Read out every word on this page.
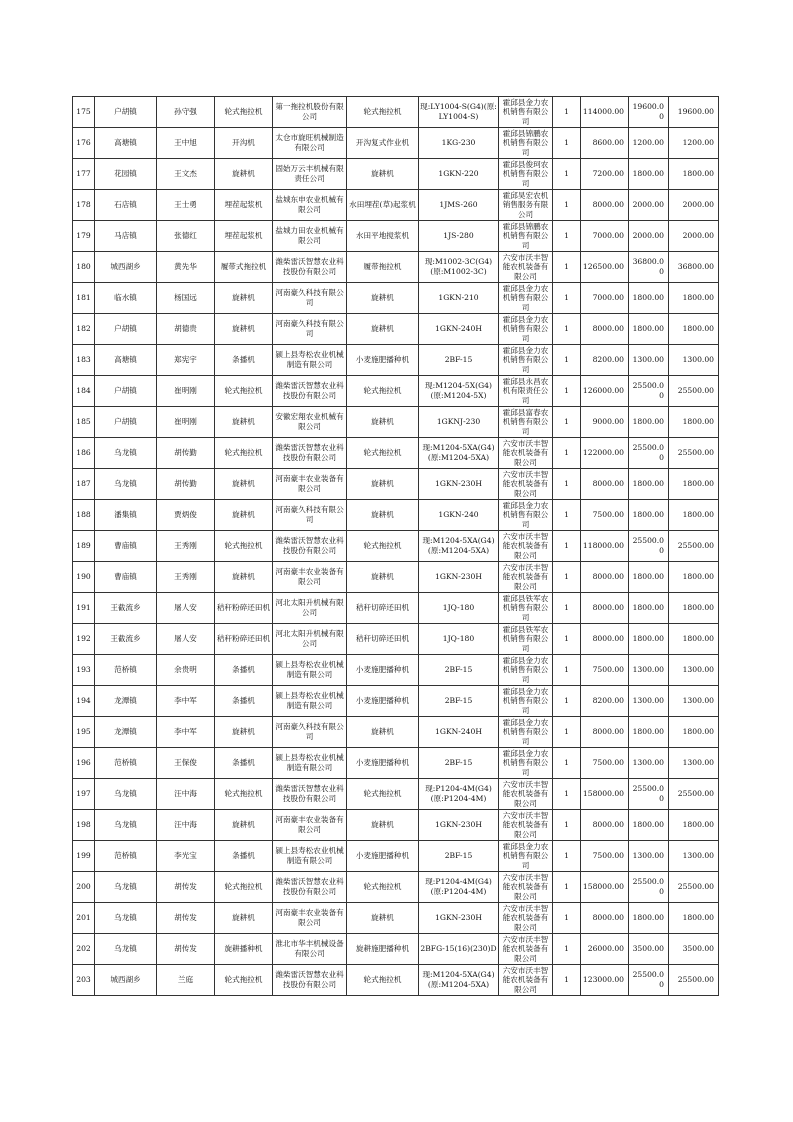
175	户胡镇	孙守强	轮式拖拉机	第一拖拉机股份有限公司	轮式拖拉机	现:LY1004-S(G4)(原:LY1004-S)	霍邱县金力农机销售有限公司	1	114000.00	19600.00	19600.00
176	高塘镇	王中旭	开沟机	太仓市旋旺机械制造有限公司	开沟复式作业机	1KG-230	霍邱县锦鹏农机销售有限公司	1	8600.00	1200.00	1200.00
177	花园镇	王文杰	旋耕机	固始万云丰机械有限责任公司	旋耕机	1GKN-220	霍邱县俊珂农机销售有限公司	1	7200.00	1800.00	1800.00
178	石店镇	王士勇	埋茬起浆机	盐城东申农业机械有限公司	水田埋茬(草)起浆机	1JMS-260	霍邱昊宏农机销售服务有限公司	1	8000.00	2000.00	2000.00
179	马店镇	张德红	埋茬起浆机	盐城力田农业机械有限公司	水田平地搅浆机	1JS-280	霍邱县锦鹏农机销售有限公司	1	7000.00	2000.00	2000.00
180	城西湖乡	黄先华	履带式拖拉机	潍柴雷沃智慧农业科技股份有限公司	履带拖拉机	现:M1002-3C(G4)(原:M1002-3C)	六安市沃丰智能农机装备有限公司	1	126500.00	36800.00	36800.00
181	临水镇	杨国远	旋耕机	河南豪久科技有限公司	旋耕机	1GKN-210	霍邱县金力农机销售有限公司	1	7000.00	1800.00	1800.00
182	户胡镇	胡德贵	旋耕机	河南豪久科技有限公司	旋耕机	1GKN-240H	霍邱县金力农机销售有限公司	1	8000.00	1800.00	1800.00
183	高塘镇	郑宪宇	条播机	颍上县寿松农业机械制造有限公司	小麦施肥播种机	2BF-15	霍邱县金力农机销售有限公司	1	8200.00	1300.00	1300.00
184	户胡镇	崔明刚	轮式拖拉机	潍柴雷沃智慧农业科技股份有限公司	轮式拖拉机	现:M1204-5X(G4)(原:M1204-5X)	霍邱县永昌农机有限责任公司	1	126000.00	25500.00	25500.00
185	户胡镇	崔明刚	旋耕机	安徽宏翔农业机械有限公司	旋耕机	1GKNJ-230	霍邱县富春农机销售有限公司	1	9000.00	1800.00	1800.00
186	乌龙镇	胡传勤	轮式拖拉机	潍柴雷沃智慧农业科技股份有限公司	轮式拖拉机	现:M1204-5XA(G4)(原:M1204-5XA)	六安市沃丰智能农机装备有限公司	1	122000.00	25500.00	25500.00
187	乌龙镇	胡传勤	旋耕机	河南豪丰农业装备有限公司	旋耕机	1GKN-230H	六安市沃丰智能农机装备有限公司	1	8000.00	1800.00	1800.00
188	潘集镇	贾炳俊	旋耕机	河南豪久科技有限公司	旋耕机	1GKN-240	霍邱县金力农机销售有限公司	1	7500.00	1800.00	1800.00
189	曹庙镇	王秀刚	轮式拖拉机	潍柴雷沃智慧农业科技股份有限公司	轮式拖拉机	现:M1204-5XA(G4)(原:M1204-5XA)	六安市沃丰智能农机装备有限公司	1	118000.00	25500.00	25500.00
190	曹庙镇	王秀刚	旋耕机	河南豪丰农业装备有限公司	旋耕机	1GKN-230H	六安市沃丰智能农机装备有限公司	1	8000.00	1800.00	1800.00
191	王截流乡	屠人安	秸秆粉碎还田机	河北太阳升机械有限公司	秸秆切碎还田机	1JQ-180	霍邱县铁军农机销售有限公司	1	8000.00	1800.00	1800.00
192	王截流乡	屠人安	秸秆粉碎还田机	河北太阳升机械有限公司	秸秆切碎还田机	1JQ-180	霍邱县铁军农机销售有限公司	1	8000.00	1800.00	1800.00
193	范桥镇	余贵明	条播机	颍上县寿松农业机械制造有限公司	小麦施肥播种机	2BF-15	霍邱县金力农机销售有限公司	1	7500.00	1300.00	1300.00
194	龙潭镇	李中军	条播机	颍上县寿松农业机械制造有限公司	小麦施肥播种机	2BF-15	霍邱县金力农机销售有限公司	1	8200.00	1300.00	1300.00
195	龙潭镇	李中军	旋耕机	河南豪久科技有限公司	旋耕机	1GKN-240H	霍邱县金力农机销售有限公司	1	8000.00	1800.00	1800.00
196	范桥镇	王保俊	条播机	颍上县寿松农业机械制造有限公司	小麦施肥播种机	2BF-15	霍邱县金力农机销售有限公司	1	7500.00	1300.00	1300.00
197	乌龙镇	汪中海	轮式拖拉机	潍柴雷沃智慧农业科技股份有限公司	轮式拖拉机	现:P1204-4M(G4)(原:P1204-4M)	六安市沃丰智能农机装备有限公司	1	158000.00	25500.00	25500.00
198	乌龙镇	汪中海	旋耕机	河南豪丰农业装备有限公司	旋耕机	1GKN-230H	六安市沃丰智能农机装备有限公司	1	8000.00	1800.00	1800.00
199	范桥镇	李光宝	条播机	颍上县寿松农业机械制造有限公司	小麦施肥播种机	2BF-15	霍邱县金力农机销售有限公司	1	7500.00	1300.00	1300.00
200	乌龙镇	胡传发	轮式拖拉机	潍柴雷沃智慧农业科技股份有限公司	轮式拖拉机	现:P1204-4M(G4)(原:P1204-4M)	六安市沃丰智能农机装备有限公司	1	158000.00	25500.00	25500.00
201	乌龙镇	胡传发	旋耕机	河南豪丰农业装备有限公司	旋耕机	1GKN-230H	六安市沃丰智能农机装备有限公司	1	8000.00	1800.00	1800.00
202	乌龙镇	胡传发	旋耕播种机	淮北市华丰机械设备有限公司	旋耕施肥播种机	2BFG-15(16)(230)D	六安市沃丰智能农机装备有限公司	1	26000.00	3500.00	3500.00
203	城西湖乡	兰庭	轮式拖拉机	潍柴雷沃智慧农业科技股份有限公司	轮式拖拉机	现:M1204-5XA(G4)(原:M1204-5XA)	六安市沃丰智能农机装备有限公司	1	123000.00	25500.00	25500.00
